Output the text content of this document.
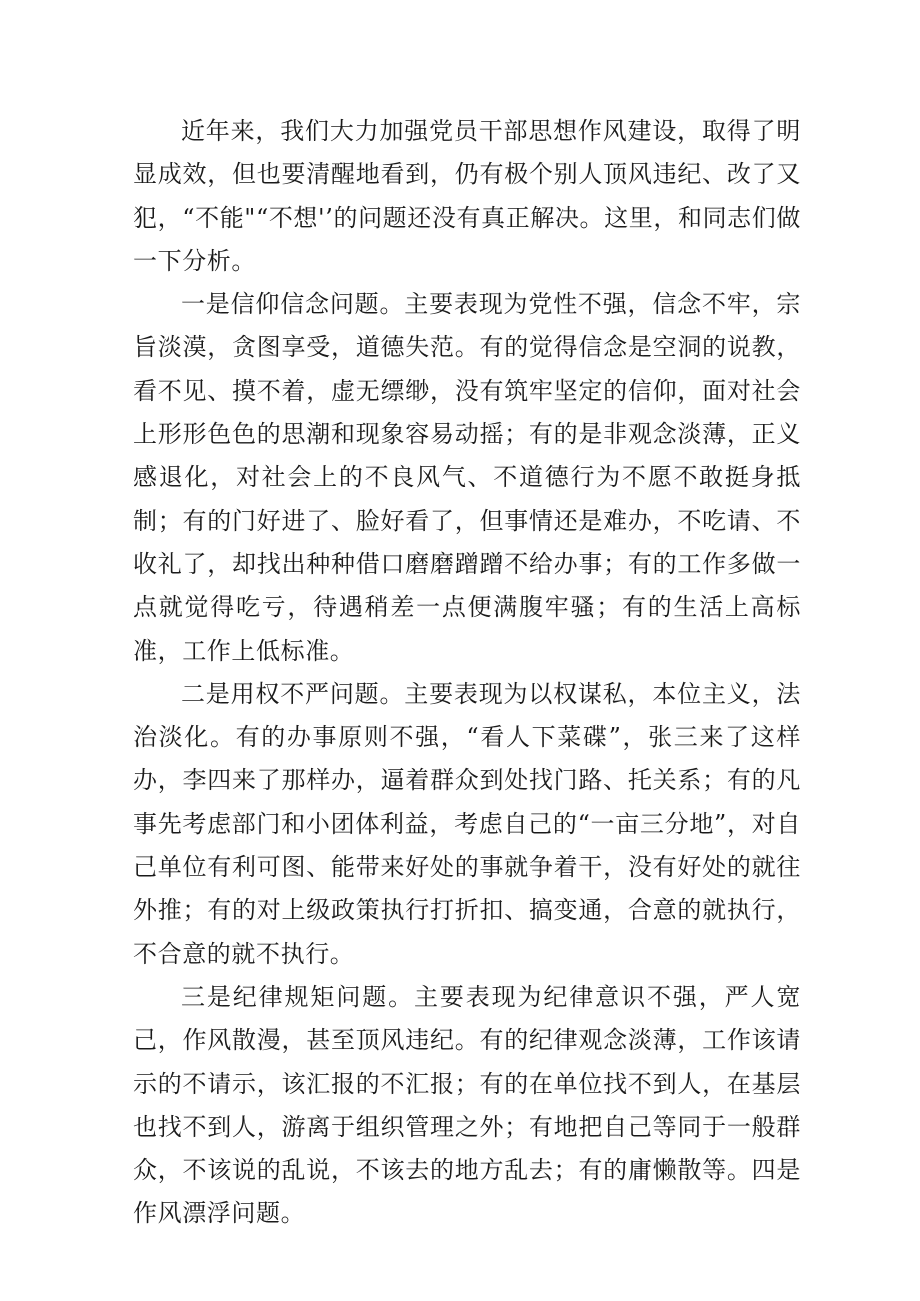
近年来，我们大力加强党员干部思想作风建设，取得了明显成效，但也要清醒地看到，仍有极个别人顶风违纪、改了又犯，“不能"“不想'’的问题还没有真正解决。这里，和同志们做一下分析。

一是信仰信念问题。主要表现为党性不强，信念不牢，宗旨淡漠，贪图享受，道德失范。有的觉得信念是空洞的说教，看不见、摸不着，虚无缥缈，没有筑牢坚定的信仰，面对社会上形形色色的思潮和现象容易动摇；有的是非观念淡薄，正义感退化，对社会上的不良风气、不道德行为不愿不敢挺身抵制；有的门好进了、脸好看了，但事情还是难办，不吃请、不收礼了，却找出种种借口磨磨蹭蹭不给办事；有的工作多做一点就觉得吃亏，待遇稍差一点便满腹牢骚；有的生活上高标准，工作上低标准。

二是用权不严问题。主要表现为以权谋私，本位主义，法治淡化。有的办事原则不强，“看人下菜碟”，张三来了这样办，李四来了那样办，逼着群众到处找门路、托关系；有的凡事先考虑部门和小团体利益，考虑自己的“一亩三分地”，对自己单位有利可图、能带来好处的事就争着干，没有好处的就往外推；有的对上级政策执行打折扣、搞变通，合意的就执行，不合意的就不执行。

三是纪律规矩问题。主要表现为纪律意识不强，严人宽己，作风散漫，甚至顶风违纪。有的纪律观念淡薄，工作该请示的不请示，该汇报的不汇报；有的在单位找不到人，在基层也找不到人，游离于组织管理之外；有地把自己等同于一般群众，不该说的乱说，不该去的地方乱去；有的庸懒散等。四是作风漂浮问题。
